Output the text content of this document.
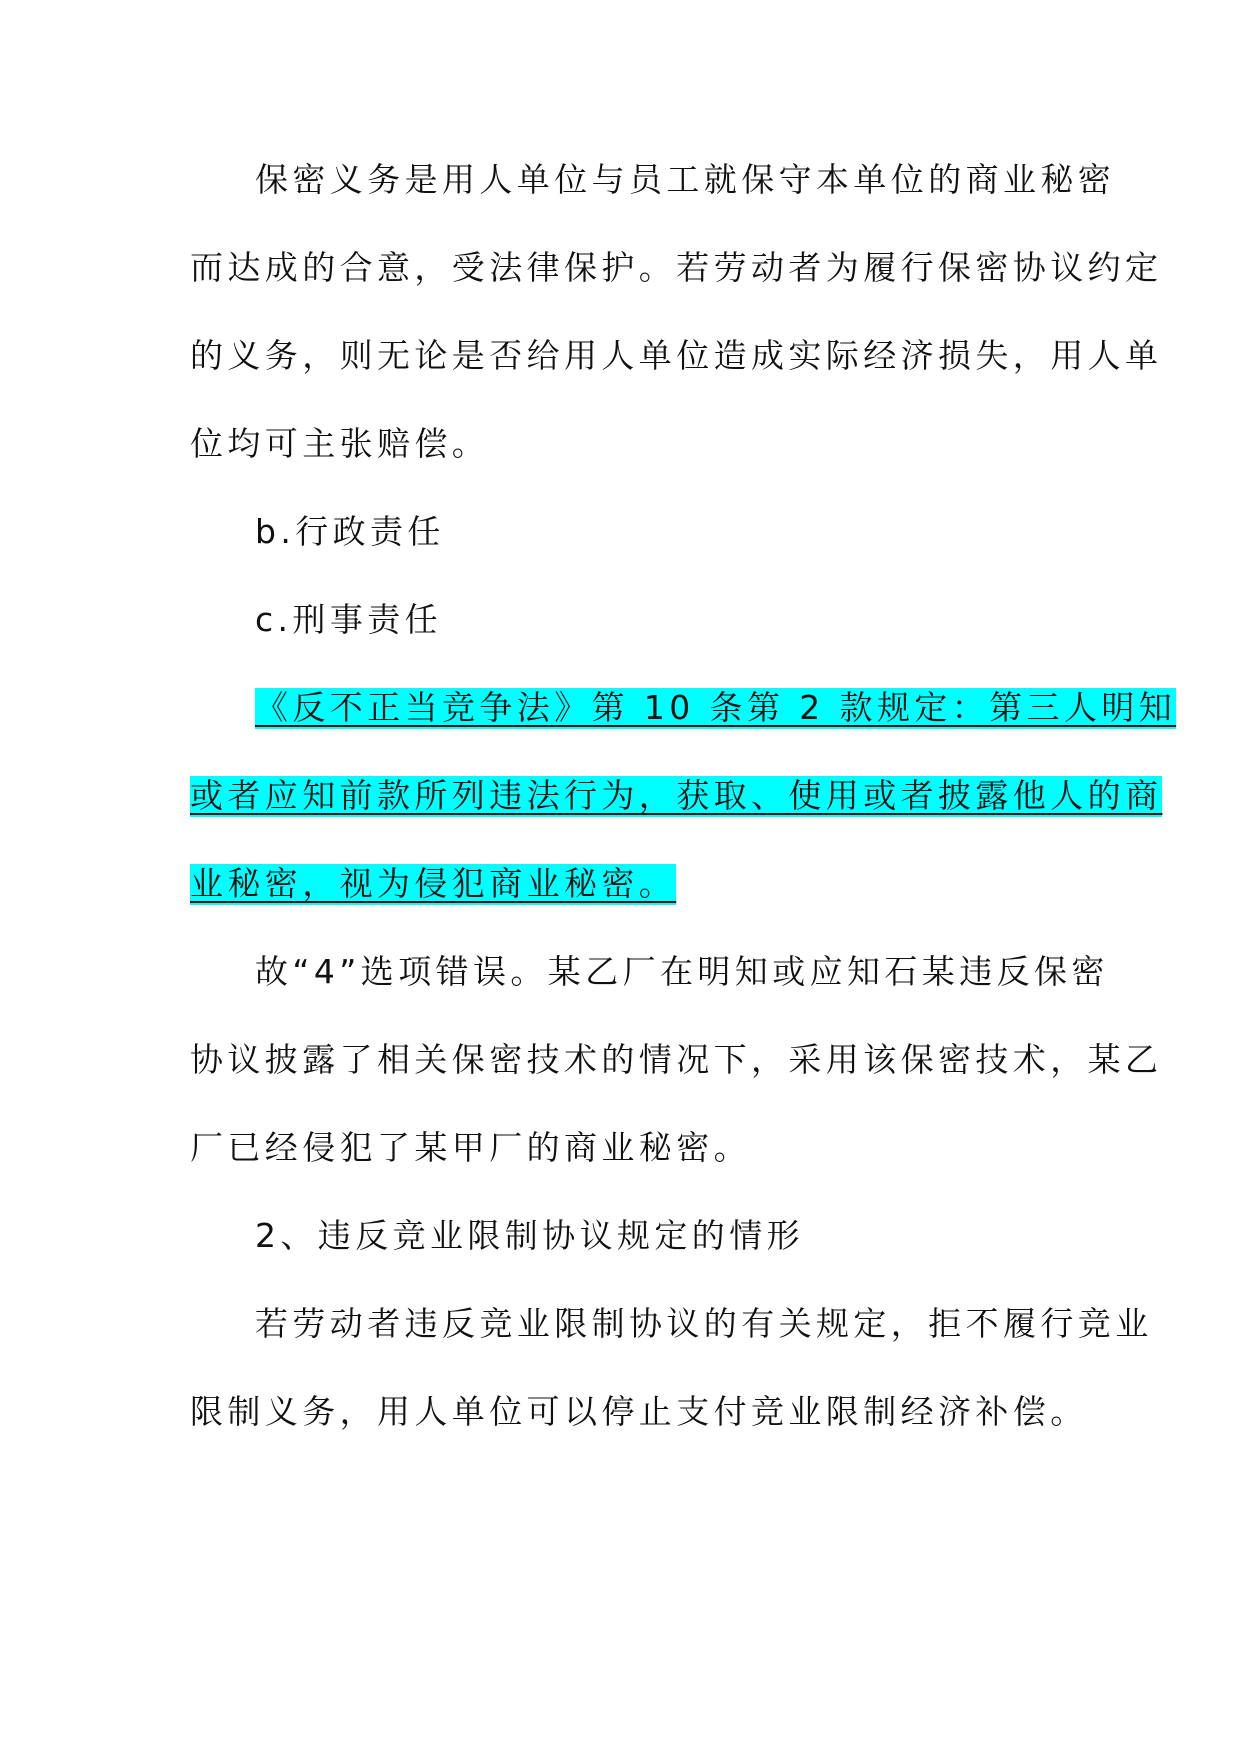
保密义务是用人单位与员工就保守本单位的商业秘密
而达成的合意，受法律保护。若劳动者为履行保密协议约定
的义务，则无论是否给用人单位造成实际经济损失，用人单
位均可主张赔偿。
b.行政责任
c.刑事责任
《反不正当竞争法》第 10 条第 2 款规定：第三人明知
或者应知前款所列违法行为，获取、使用或者披露他人的商
业秘密，视为侵犯商业秘密。
故“4”选项错误。某乙厂在明知或应知石某违反保密
协议披露了相关保密技术的情况下，采用该保密技术，某乙
厂已经侵犯了某甲厂的商业秘密。
2、违反竞业限制协议规定的情形
若劳动者违反竞业限制协议的有关规定，拒不履行竞业
限制义务，用人单位可以停止支付竞业限制经济补偿。
